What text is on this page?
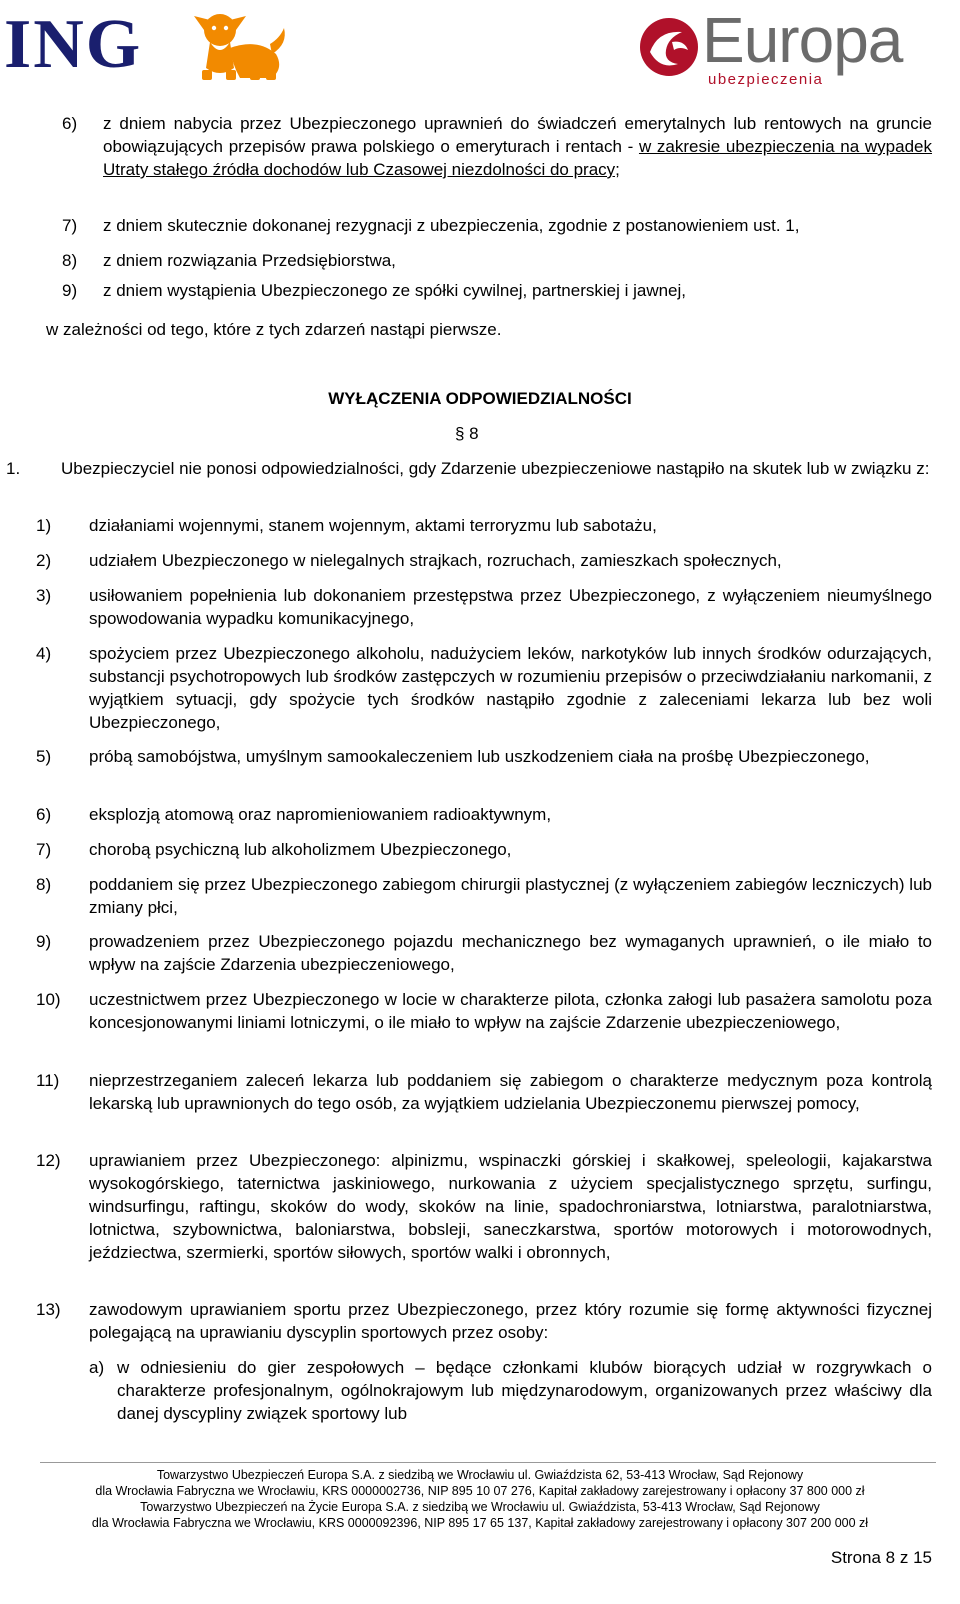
ING	Europa
ubezpieczenia
6) z dniem nabycia przez Ubezpieczonego uprawnień do świadczeń emerytalnych lub rentowych na gruncie obowiązujących przepisów prawa polskiego o emeryturach i rentach - w zakresie ubezpieczenia na wypadek Utraty stałego źródła dochodów lub Czasowej niezdolności do pracy;
7) z dniem skutecznie dokonanej rezygnacji z ubezpieczenia, zgodnie z postanowieniem ust. 1,
8) z dniem rozwiązania Przedsiębiorstwa,
9) z dniem wystąpienia Ubezpieczonego ze spółki cywilnej, partnerskiej i jawnej,
w zależności od tego, które z tych zdarzeń nastąpi pierwsze.
WYŁĄCZENIA ODPOWIEDZIALNOŚCI
§ 8
1. Ubezpieczyciel nie ponosi odpowiedzialności, gdy Zdarzenie ubezpieczeniowe nastąpiło na skutek lub w związku z:
1) działaniami wojennymi, stanem wojennym, aktami terroryzmu lub sabotażu,
2) udziałem Ubezpieczonego w nielegalnych strajkach, rozruchach, zamieszkach społecznych,
3) usiłowaniem popełnienia lub dokonaniem przestępstwa przez Ubezpieczonego, z wyłączeniem nieumyślnego spowodowania wypadku komunikacyjnego,
4) spożyciem przez Ubezpieczonego alkoholu, nadużyciem leków, narkotyków lub innych środków odurzających, substancji psychotropowych lub środków zastępczych w rozumieniu przepisów o przeciwdziałaniu narkomanii, z wyjątkiem sytuacji, gdy spożycie tych środków nastąpiło zgodnie z zaleceniami lekarza lub bez woli Ubezpieczonego,
5) próbą samobójstwa, umyślnym samookaleczeniem lub uszkodzeniem ciała na prośbę Ubezpieczonego,
6) eksplozją atomową oraz napromieniowaniem radioaktywnym,
7) chorobą psychiczną lub alkoholizmem Ubezpieczonego,
8) poddaniem się przez Ubezpieczonego zabiegom chirurgii plastycznej (z wyłączeniem zabiegów leczniczych) lub zmiany płci,
9) prowadzeniem przez Ubezpieczonego pojazdu mechanicznego bez wymaganych uprawnień, o ile miało to wpływ na zajście Zdarzenia ubezpieczeniowego,
10) uczestnictwem przez Ubezpieczonego w locie w charakterze pilota, członka załogi lub pasażera samolotu poza koncesjonowanymi liniami lotniczymi, o ile miało to wpływ na zajście Zdarzenie ubezpieczeniowego,
11) nieprzestrzeganiem zaleceń lekarza lub poddaniem się zabiegom o charakterze medycznym poza kontrolą lekarską lub uprawnionych do tego osób, za wyjątkiem udzielania Ubezpieczonemu pierwszej pomocy,
12) uprawianiem przez Ubezpieczonego: alpinizmu, wspinaczki górskiej i skałkowej, speleologii, kajakarstwa wysokogórskiego, taternictwa jaskiniowego, nurkowania z użyciem specjalistycznego sprzętu, surfingu, windsurfingu, raftingu, skoków do wody, skoków na linie, spadochroniarstwa, lotniarstwa, paralotniarstwa, lotnictwa, szybownictwa, baloniarstwa, bobsleji, saneczkarstwa, sportów motorowych i motorowodnych, jeździectwa, szermierki, sportów siłowych, sportów walki i obronnych,
13) zawodowym uprawianiem sportu przez Ubezpieczonego, przez który rozumie się formę aktywności fizycznej polegającą na uprawianiu dyscyplin sportowych przez osoby:
a) w odniesieniu do gier zespołowych – będące członkami klubów biorących udział w rozgrywkach o charakterze profesjonalnym, ogólnokrajowym lub międzynarodowym, organizowanych przez właściwy dla danej dyscypliny związek sportowy lub
Towarzystwo Ubezpieczeń Europa S.A. z siedzibą we Wrocławiu ul. Gwiaździsta 62, 53-413 Wrocław, Sąd Rejonowy
dla Wrocławia Fabryczna we Wrocławiu, KRS 0000002736, NIP 895 10 07 276, Kapitał zakładowy zarejestrowany i opłacony 37 800 000 zł
Towarzystwo Ubezpieczeń na Życie Europa S.A. z siedzibą we Wrocławiu ul. Gwiaździsta, 53-413 Wrocław, Sąd Rejonowy
dla Wrocławia Fabryczna we Wrocławiu, KRS 0000092396, NIP 895 17 65 137, Kapitał zakładowy zarejestrowany i opłacony 307 200 000 zł
Strona 8 z 15
